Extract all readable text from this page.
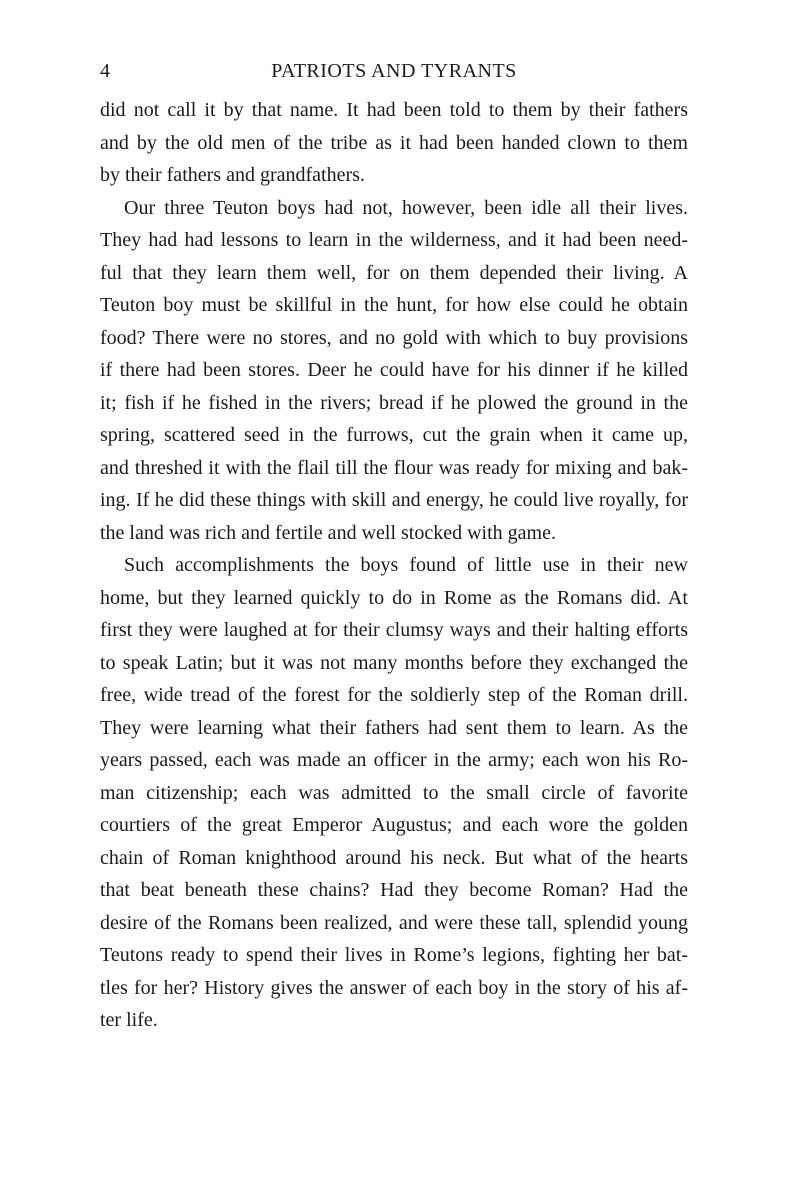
4	PATRIOTS AND TYRANTS
did not call it by that name. It had been told to them by their fathers
and by the old men of the tribe as it had been handed clown to them
by their fathers and grandfathers.
Our three Teuton boys had not, however, been idle all their lives.
They had had lessons to learn in the wilderness, and it had been need-
ful that they learn them well, for on them depended their living. A
Teuton boy must be skillful in the hunt, for how else could he obtain
food? There were no stores, and no gold with which to buy provisions
if there had been stores. Deer he could have for his dinner if he killed
it; fish if he fished in the rivers; bread if he plowed the ground in the
spring, scattered seed in the furrows, cut the grain when it came up,
and threshed it with the flail till the flour was ready for mixing and bak-
ing. If he did these things with skill and energy, he could live royally, for
the land was rich and fertile and well stocked with game.
Such accomplishments the boys found of little use in their new
home, but they learned quickly to do in Rome as the Romans did. At
first they were laughed at for their clumsy ways and their halting efforts
to speak Latin; but it was not many months before they exchanged the
free, wide tread of the forest for the soldierly step of the Roman drill.
They were learning what their fathers had sent them to learn. As the
years passed, each was made an officer in the army; each won his Ro-
man citizenship; each was admitted to the small circle of favorite
courtiers of the great Emperor Augustus; and each wore the golden
chain of Roman knighthood around his neck. But what of the hearts
that beat beneath these chains? Had they become Roman? Had the
desire of the Romans been realized, and were these tall, splendid young
Teutons ready to spend their lives in Rome’s legions, fighting her bat-
tles for her? History gives the answer of each boy in the story of his af-
ter life.
